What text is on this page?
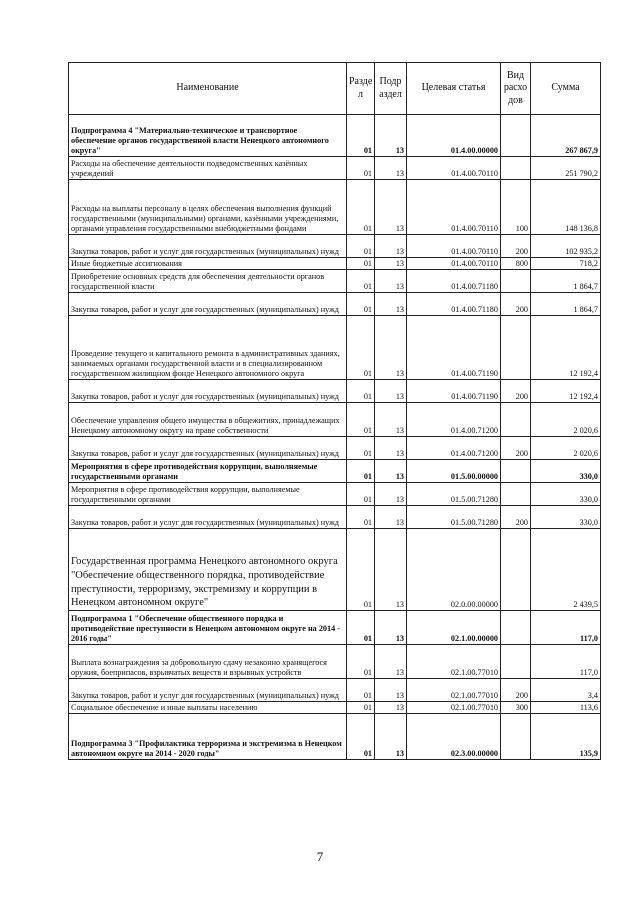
Наименование	Разде л	Подр аздел	Целевая статья	Вид расхо дов	Сумма
Подпрограмма 4 "Материально-техническое и транспортное обеспечение органов государственной власти Ненецкого автономного округа"	01	13	01.4.00.00000		267 867,9
Расходы на обеспечение деятельности подведомственных казённых учреждений	01	13	01.4.00.70110		251 790,2
Расходы на выплаты персоналу в целях обеспечения выполнения функций государственными (муниципальными) органами, казёнными учреждениями, органами управления государственными внебюджетными фондами	01	13	01.4.00.70110	100	148 136,8
Закупка товаров, работ и услуг для государственных (муниципальных) нужд	01	13	01.4.00.70110	200	102 935,2
Иные бюджетные ассигнования	01	13	01.4.00.70110	800	718,2
Приобретение основных средств для обеспечения деятельности органов государственной власти	01	13	01.4.00.71180		1 864,7
Закупка товаров, работ и услуг для государственных (муниципальных) нужд	01	13	01.4.00.71180	200	1 864,7
Проведение текущего и капитального ремонта в административных зданиях, занимаемых органами государственной власти и в специализированном государственном жилищном фонде Ненецкого автономного округа	01	13	01.4.00.71190		12 192,4
Закупка товаров, работ и услуг для государственных (муниципальных) нужд	01	13	01.4.00.71190	200	12 192,4
Обеспечение управления общего имущества в общежитиях, принадлежащих Ненецкому автономному округу на праве собственности	01	13	01.4.00.71200		2 020,6
Закупка товаров, работ и услуг для государственных (муниципальных) нужд	01	13	01.4.00.71200	200	2 020,6
Мероприятия в сфере противодействия коррупции, выполняемые государственными органами	01	13	01.5.00.00000		330,0
Мероприятия в сфере противодействия коррупции, выполняемые государственными органами	01	13	01.5.00.71280		330,0
Закупка товаров, работ и услуг для государственных (муниципальных) нужд	01	13	01.5.00.71280	200	330,0
Государственная программа Ненецкого автономного округа "Обеспечение общественного порядка, противодействие преступности, терроризму, экстремизму и коррупции в Ненецком автономном округе"	01	13	02.0.00.00000		2 439,5
Подпрограмма 1 "Обеспечение общественного порядка и противодействие преступности в Ненецком автономном округе на 2014 - 2016 годы"	01	13	02.1.00.00000		117,0
Выплата вознаграждения за добровольную сдачу незаконно хранящегося оружия, боеприпасов, взрывчатых веществ и взрывных устройств	01	13	02.1.00.77010		117,0
Закупка товаров, работ и услуг для государственных (муниципальных) нужд	01	13	02.1.00.77010	200	3,4
Социальное обеспечение и иные выплаты населению	01	13	02.1.00.77010	300	113,6
Подпрограмма 3 "Профилактика терроризма и экстремизма в Ненецком автономном округе на 2014 - 2020 годы"	01	13	02.3.00.00000		135,9
7
